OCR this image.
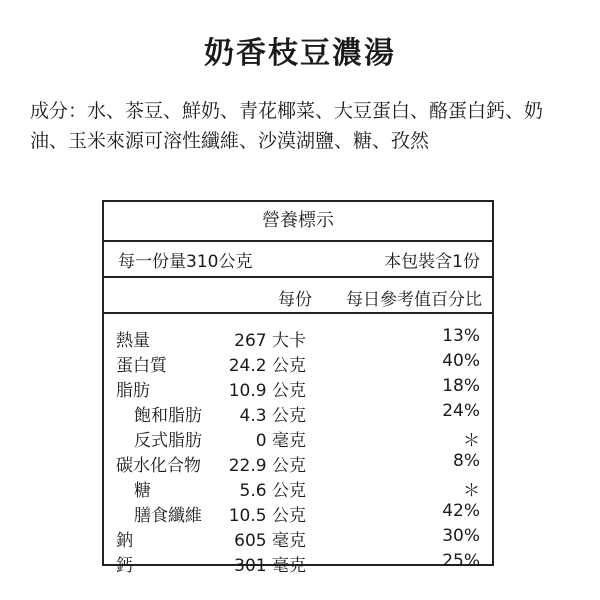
奶香枝豆濃湯
成分：水、茶豆、鮮奶、青花椰菜、大豆蛋白、酪蛋白鈣、奶油、玉米來源可溶性纖維、沙漠湖鹽、糖、孜然
營養標示
每一份量310公克	本包裝含1份
每份 每日參考值百分比
熱量	267 大卡	13%
蛋白質	24.2 公克	40%
脂肪	10.9 公克	18%
飽和脂肪 4.3 公克	24%
反式脂肪	0 毫克	＊
碳水化合物 22.9 公克	8%
糖	5.6 公克	＊
膳食纖維 10.5 公克	42%
鈉	605 毫克	30%
鈣	301 毫克	25%
